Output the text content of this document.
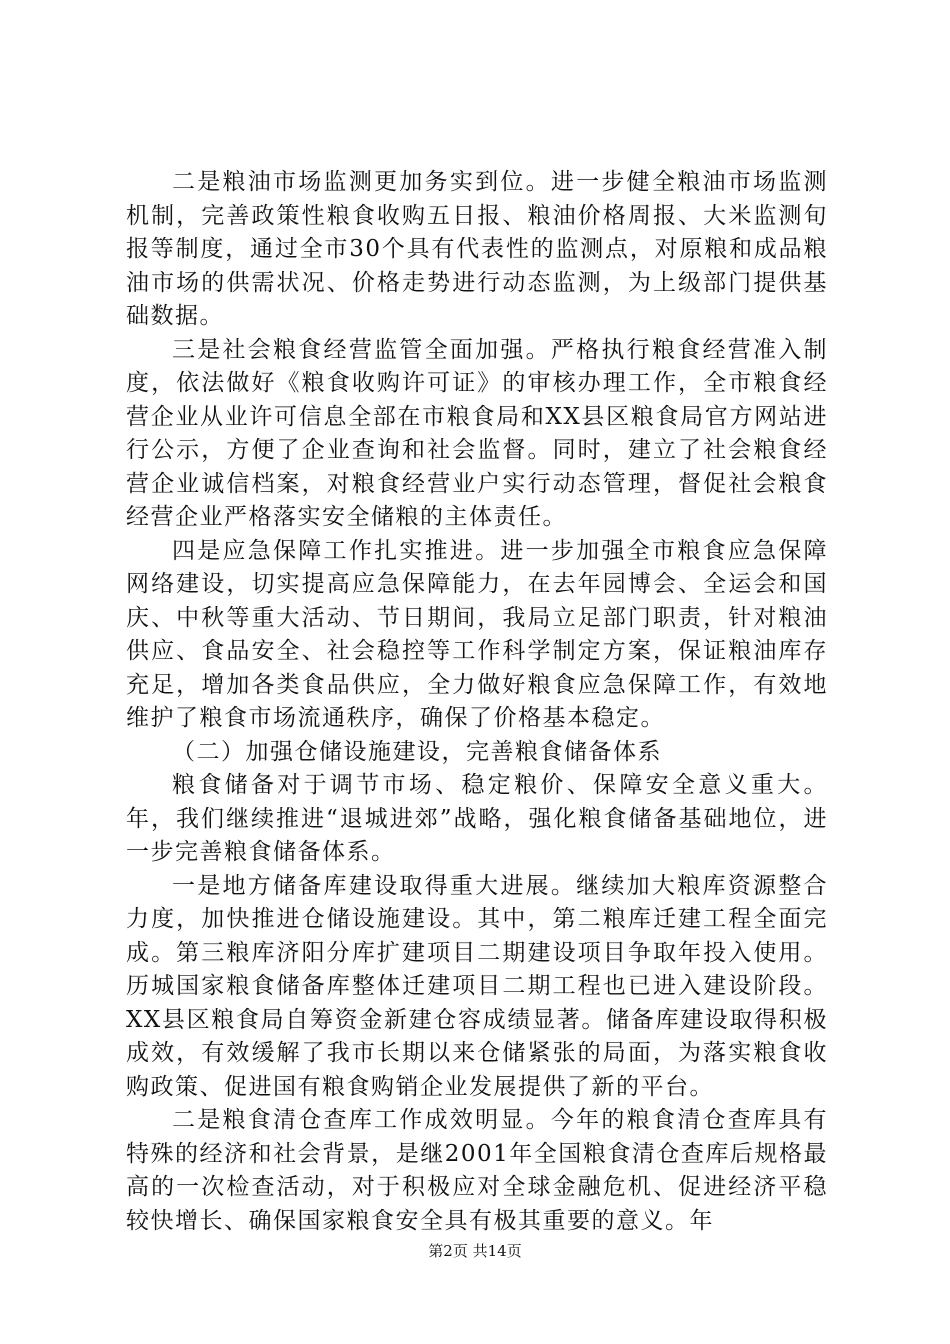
二是粮油市场监测更加务实到位。进一步健全粮油市场监测机制，完善政策性粮食收购五日报、粮油价格周报、大米监测旬报等制度，通过全市30个具有代表性的监测点，对原粮和成品粮油市场的供需状况、价格走势进行动态监测，为上级部门提供基础数据。

三是社会粮食经营监管全面加强。严格执行粮食经营准入制度，依法做好《粮食收购许可证》的审核办理工作，全市粮食经营企业从业许可信息全部在市粮食局和XX县区粮食局官方网站进行公示，方便了企业查询和社会监督。同时，建立了社会粮食经营企业诚信档案，对粮食经营业户实行动态管理，督促社会粮食经营企业严格落实安全储粮的主体责任。

四是应急保障工作扎实推进。进一步加强全市粮食应急保障网络建设，切实提高应急保障能力，在去年园博会、全运会和国庆、中秋等重大活动、节日期间，我局立足部门职责，针对粮油供应、食品安全、社会稳控等工作科学制定方案，保证粮油库存充足，增加各类食品供应，全力做好粮食应急保障工作，有效地维护了粮食市场流通秩序，确保了价格基本稳定。

（二）加强仓储设施建设，完善粮食储备体系

粮食储备对于调节市场、稳定粮价、保障安全意义重大。年，我们继续推进“退城进郊”战略，强化粮食储备基础地位，进一步完善粮食储备体系。

一是地方储备库建设取得重大进展。继续加大粮库资源整合力度，加快推进仓储设施建设。其中，第二粮库迁建工程全面完成。第三粮库济阳分库扩建项目二期建设项目争取年投入使用。历城国家粮食储备库整体迁建项目二期工程也已进入建设阶段。XX县区粮食局自筹资金新建仓容成绩显著。储备库建设取得积极成效，有效缓解了我市长期以来仓储紧张的局面，为落实粮食收购政策、促进国有粮食购销企业发展提供了新的平台。

二是粮食清仓查库工作成效明显。今年的粮食清仓查库具有特殊的经济和社会背景，是继2001年全国粮食清仓查库后规格最高的一次检查活动，对于积极应对全球金融危机、促进经济平稳较快增长、确保国家粮食安全具有极其重要的意义。年

第2页 共14页
